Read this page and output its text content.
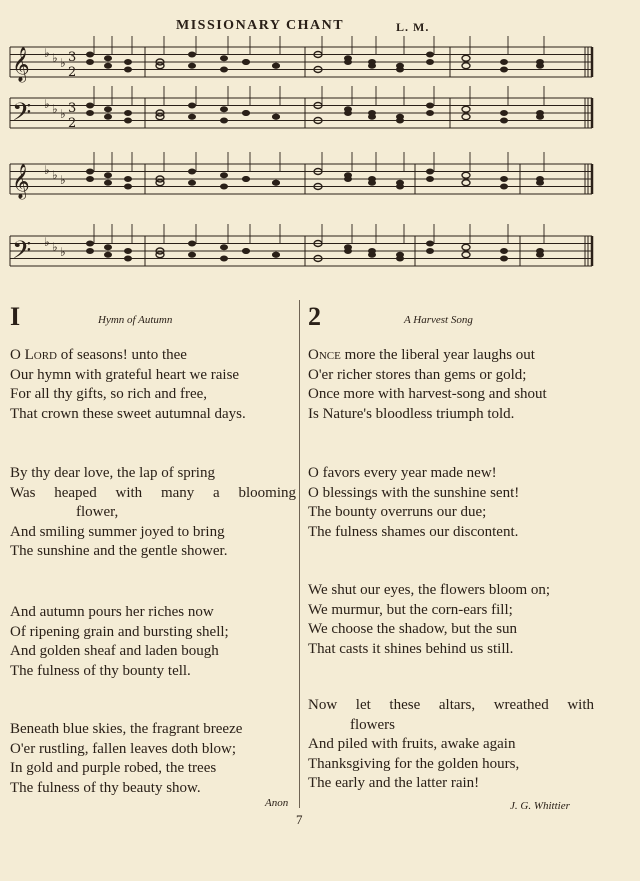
MISSIONARY CHANT	L. M.
𝄞 ♭ ♭ ♭ 3
2
𝄢 ♭ ♭ ♭ 3
2
𝄞 ♭ ♭ ♭
𝄢 ♭ ♭ ♭
I	Hymn of Autumn	2	A Harvest Song
O Lord of seasons! unto thee
Our hymn with grateful heart we raise
For all thy gifts, so rich and free,
That crown these sweet autumnal days.
By thy dear love, the lap of spring
Was heaped with many a blooming
flower,
And smiling summer joyed to bring
The sunshine and the gentle shower.
And autumn pours her riches now
Of ripening grain and bursting shell;
And golden sheaf and laden bough
The fulness of thy bounty tell.
Beneath blue skies, the fragrant breeze
O'er rustling, fallen leaves doth blow;
In gold and purple robed, the trees
The fulness of thy beauty show.
Once more the liberal year laughs out
O'er richer stores than gems or gold;
Once more with harvest-song and shout
Is Nature's bloodless triumph told.
O favors every year made new!
O blessings with the sunshine sent!
The bounty overruns our due;
The fulness shames our discontent.
We shut our eyes, the flowers bloom on;
We murmur, but the corn-ears fill;
We choose the shadow, but the sun
That casts it shines behind us still.
Now let these altars, wreathed with
flowers
And piled with fruits, awake again
Thanksgiving for the golden hours,
The early and the latter rain!
Anon	J. G. Whittier
7
